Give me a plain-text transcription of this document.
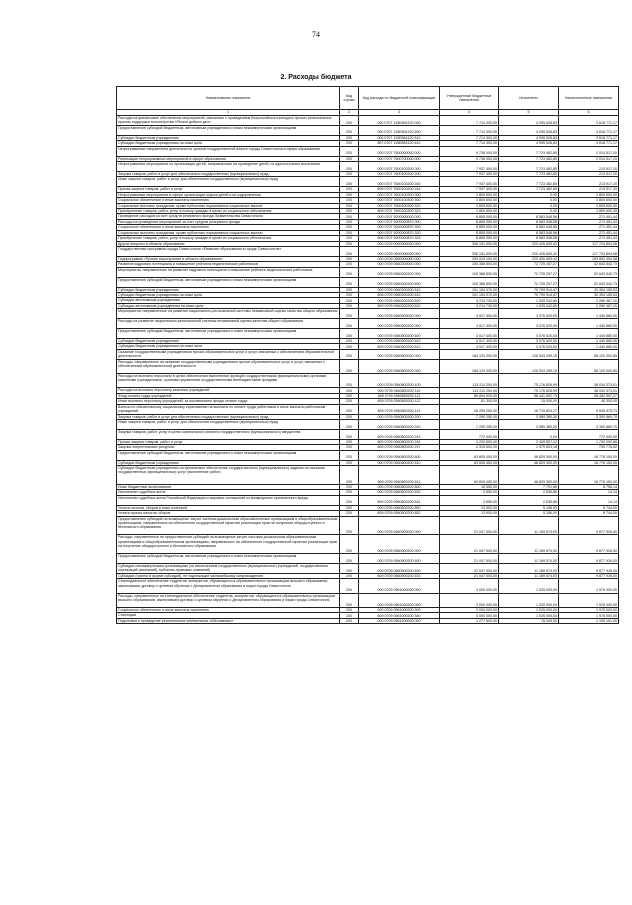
74
2. Расходы бюджета
Наименование показателя	Код строки	Код расхода по бюджетной классификации	Утвержденные бюджетные назначения	Исполнено	Неисполненные назначения
1	2	3	4	5	6
Расходы на финансовое обеспечение мероприятий, связанных с проведением Всероссийского конкурса лучших региональных практик поддержки волонтерства «Регион добрых дел»	200	000 0707 115Е854120 000	7 714 300,00	4 095 528,83	3 618 771,17
Предоставление субсидий бюджетным, автономным учреждениям и иным некоммерческим организациям	200	000 0707 115Е854120 600	7 714 300,00	4 095 528,83	3 618 771,17
Субсидии бюджетным учреждениям	200	000 0707 115Е854120 610	7 714 300,00	4 095 528,83	3 618 771,17
Субсидии бюджетным учреждениям на иные цели	200	807 0707 115Е854120 612	7 714 300,00	4 095 528,83	3 618 771,17
Непрограммные направления деятельности органов государственной власти города Севастополя в сфере образования	200	000 0707 7600000000 000	9 738 000,00	7 723 482,80	2 014 517,20
Реализация непрограммных мероприятий в сфере образования	200	000 0707 7600700000 000	9 738 000,00	7 723 482,80	2 014 517,20
Непрограммные мероприятия по организации детей, направленные на проведение детей, из идеологически воспитания	200	000 0707 7600100200 000	7 937 400,00	7 723 482,80	213 917,20
Закупка товаров, работ и услуг для обеспечения государственных (муниципальных) нужд	200	000 0707 7600100200 200	7 937 400,00	7 723 482,80	213 917,20
Иные закупки товаров, работ и услуг для обеспечения государственных (муниципальных) нужд	200	000 0707 7600100200 240	7 937 400,00	7 723 482,80	213 917,20
Прочая закупка товаров, работ и услуг	200	809 0707 7600100200 244	7 937 400,00	7 723 482,80	213 917,20
Непрограммные мероприятия в сфере организации отдыха детей и их оздоровления	200	000 0707 7600100300 000	1 800 600,00	0,00	1 800 600,00
Социальное обеспечение и иные выплаты населению	200	000 0707 7600100300 300	1 800 600,00	0,00	1 800 600,00
Социальные выплаты гражданам, кроме публичных нормативных социальных выплат	200	000 0707 7600100300 320	1 800 600,00	0,00	1 800 600,00
Приобретение товаров, работ, услуг в пользу граждан в целях их социального обеспечения	200	809 0707 7600100300 323	1 800 600,00	0,00	1 800 600,00
Проведение расходов за счет средств резервного фонда Правительства Севастополя	200	000 0707 9200000000 000	8 855 000,00	8 583 548,56	271 451,44
Расходы на проведение мероприятий за счет средств резервного фонда	200	000 0707 9200000870 000	8 855 000,00	8 583 548,56	271 451,44
Социальное обеспечение и иные выплаты населению	200	000 0707 9200000870 300	8 855 000,00	8 583 548,56	271 451,44
Социальные выплаты гражданам, кроме публичных нормативных социальных выплат	200	000 0707 9200000870 320	8 855 000,00	8 583 548,56	271 451,44
Приобретение товаров, работ, услуг в пользу граждан в целях их социального обеспечения	200	806 0707 9200000870 323	8 855 000,00	8 583 548,56	271 451,44
Другие вопросы в области образования	200	000 0709 0000000000 000	336 151 500,00	220 426 605,42	117 724 894,58
Государственная программа города Севастополя «Развитие образования в городе Севастополе»	200	000 0709 0500000000 000	336 151 500,00	220 426 605,42	117 724 894,58
Подпрограмма «Прочие мероприятия в области образования»	200	000 0709 0560000000 000	330 019 100,00	220 426 605,42	109 592 494,58
Развитие кадрового потенциала и повышение рейтинга педагогических работников	200	000 0709 0560200000 000	105 368 800,00	72 725 257,27	32 643 542,73
Мероприятия, направленные на развитие кадрового потенциала и повышение рейтинга педагогических работников	200	000 0709 0560200200 000	105 368 800,00	72 725 257,27	32 643 542,73
Предоставление субсидий бюджетным, автономным учреждениям и иным некоммерческим организациям	200	000 0709 0560200200 600	105 368 800,00	72 725 257,27	32 643 542,73
Субсидии бюджетным учреждениям	200	000 0709 0560200200 610	101 154 070,00	70 799 914,47	30 354 155,53
Субсидии бюджетным учреждениям на иные цели	200	805 0709 0560200200 612	101 154 070,00	70 799 914,47	30 354 155,53
Субсидии автономным учреждениям	200	000 0709 0560200200 620	4 214 730,00	1 925 342,80	2 289 387,20
Субсидии автономным учреждениям на иные цели	200	809 0709 0560200200 622	4 214 730,00	1 925 342,80	2 289 387,20
Мероприятия, направленные на развитие национально-региональной системы независимой оценки качества общего образования	200	000 0709 0560500000 000	4 517 400,00	3 076 520,00	1 440 880,00
Расходы на развитие национально-региональной системы независимой оценки качества общего образования	200	000 0709 0560500200 000	4 517 400,00	3 076 520,00	1 440 880,00
Предоставление субсидий бюджетным, автономным учреждениям и иным некоммерческим организациям	200	000 0709 0560500200 600	4 517 400,00	3 076 520,00	1 440 880,00
Субсидии бюджетным учреждениям	200	000 0709 0560500200 610	4 517 400,00	3 076 520,00	1 440 880,00
Субсидии бюджетным учреждениям на иные цели	200	809 0709 0560500200 612	4 517 400,00	3 076 520,00	1 440 880,00
Оказание государственными учреждениями прочих образовательных услуг и услуг, связанных с обеспечением образовательной деятельности	200	000 0709 0560800000 000	184 123 300,00	126 003 299,15	58 120 000,85
Расходы, направленные на оказание государственными учреждениями прочих образовательных услуг и услуг, связанных с обеспечением образовательной деятельности	200	000 0709 0560800200 000	184 123 300,00	126 003 299,15	58 120 000,85
Расходы на выплаты персоналу в целях обеспечения выполнения функций государственными (муниципальными) органами, казенными учреждениями, органами управления государственными внебюджетными фондами	200	000 0709 0560800200 100	113 211 200,00	75 176 826,99	38 034 373,01
Расходы на выплаты персоналу казенных учреждений	200	000 0709 0560800200 110	113 211 200,00	75 176 826,99	38 034 373,01
Фонд оплаты труда учреждений	200	809 0709 0560800200 111	86 894 500,00	58 441 502,73	28 452 997,27
Иные выплаты персоналу учреждений, за исключением фонда оплаты труда	200	809 0709 0560800200 112	61 300,00	15 000,00	46 300,00
Взносы по обязательному социальному страхованию на выплаты по оплате труда работников и иные выплаты работникам учреждений	200	809 0709 0560800200 119	26 255 200,00	16 719 824,27	9 535 375,73
Закупка товаров, работ и услуг для обеспечения государственных (муниципальных) нужд	200	000 0709 0560800200 200	7 290 250,00	3 989 380,30	3 300 869,70
Иные закупки товаров, работ и услуг для обеспечения государственных (муниципальных) нужд	200	000 0709 0560800200 240	7 290 250,00	3 989 380,30	3 300 869,70
Закупка товаров, работ, услуг в целях капитального ремонта государственного (муниципального) имущества	200	809 0709 0560800200 243	772 000,00	0,00	772 000,00
Прочая закупка товаров, работ и услуг	200	809 0709 0560800200 244	4 202 650,00	2 409 557,12	1 793 292,88
Закупка энергетических ресурсов	200	809 0709 0560800200 247	2 315 600,00	1 579 823,18	735 776,82
Предоставление субсидий бюджетным, автономным учреждениям и иным некоммерческим организациям	200	000 0709 0560800200 600	63 605 450,00	46 829 300,00	16 776 150,00
Субсидии бюджетным учреждениям	200	000 0709 0560800200 610	63 605 450,00	46 829 300,00	16 776 150,00
Субсидии бюджетным учреждениям на финансовое обеспечение государственного (муниципального) задания на оказание государственных (муниципальных) услуг (выполнение работ)	200	809 0709 0560800200 611	63 605 450,00	46 829 300,00	16 776 150,00
Иные бюджетные ассигнования	200	000 0709 0560800200 800	16 550,00	7 791,86	8 758,14
Исполнение судебных актов	200	000 0709 0560800200 830	2 650,00	2 635,86	14,14
Исполнение судебных актов Российской Федерации и мировых соглашений по возмещению причиненного вреда	200	809 0709 0560800200 831	2 650,00	2 635,86	14,14
Уплата налогов, сборов и иных платежей	200	000 0709 0560800200 850	13 900,00	5 156,00	8 744,00
Уплата прочих налогов, сборов	200	809 0709 0560800200 852	13 900,00	5 156,00	8 744,00
Предоставление субсидий на возмещение затрат частным дошкольным образовательным организациям и общеобразовательным организациям, направленных на обеспечение государственной гарантии реализации прав на получение общедоступного и бесплатного образования	200	000 0709 0560900000 000	21 047 500,00	11 169 574,00	9 877 926,00
Расходы, направленные на предоставление субсидий на возмещение затрат частным дошкольным образовательным организациям и общеобразовательным организациям, направленных на обеспечение государственной гарантии реализации прав на получение общедоступного и бесплатного образования	200	000 0709 0560900200 000	21 047 500,00	11 169 574,00	9 877 926,00
Предоставление субсидий бюджетным, автономным учреждениям и иным некоммерческим организациям	200	000 0709 0560900200 600	21 047 500,00	11 169 574,00	9 877 926,00
Субсидии некоммерческим организациям (за исключением государственных (муниципальных) учреждений, государственных корпораций (компаний), публично-правовых компаний)	200	000 0709 0560900200 630	21 047 500,00	11 169 574,00	9 877 926,00
Субсидии (гранты в форме субсидий), не подлежащие казначейскому сопровождению	200	809 0709 0560900200 633	21 047 500,00	11 169 574,00	9 877 926,00
Стипендиальное обеспечение студентов, аспирантов, обучающихся в образовательных организациях высшего образования, заключивших договор о целевом обучении с Департаментом образования и науки города Севастополя	200	000 0709 0561000000 000	3 000 000,00	1 025 000,00	1 975 000,00
Расходы, направленные на стипендиальное обеспечение студентов, аспирантов, обучающихся в образовательных организациях высшего образования, заключивших договор о целевом обучении с Департаментом образования и науки города Севастополя	200	000 0709 0561000200 000	3 000 000,00	1 025 000,00	1 975 000,00
Социальное обеспечение и иные выплаты населению	200	000 0709 0561000200 300	3 000 000,00	1 025 000,00	1 975 000,00
Стипендии	200	809 0709 0561000200 340	3 000 000,00	1 025 000,00	1 975 000,00
Подготовка и проведение региональных чемпионатов «Абилимпикс»	200	000 0709 0561200000 000	1 277 500,00	78 349,00	1 199 151,00
